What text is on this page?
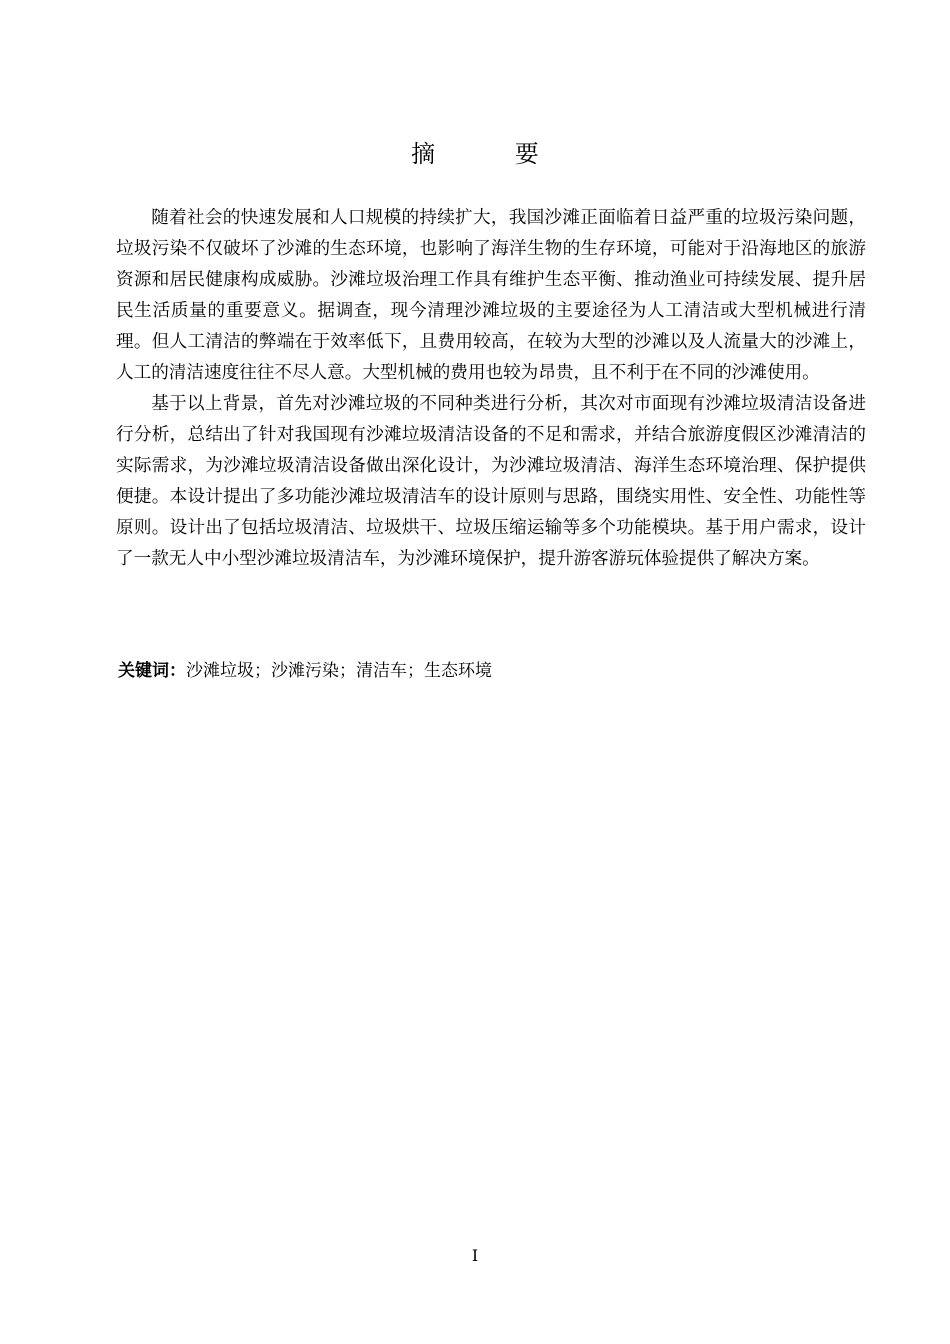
摘 要

随着社会的快速发展和人口规模的持续扩大，我国沙滩正面临着日益严重的垃圾污染问题，垃圾污染不仅破坏了沙滩的生态环境，也影响了海洋生物的生存环境，可能对于沿海地区的旅游资源和居民健康构成威胁。沙滩垃圾治理工作具有维护生态平衡、推动渔业可持续发展、提升居民生活质量的重要意义。据调查，现今清理沙滩垃圾的主要途径为人工清洁或大型机械进行清理。但人工清洁的弊端在于效率低下，且费用较高，在较为大型的沙滩以及人流量大的沙滩上，人工的清洁速度往往不尽人意。大型机械的费用也较为昂贵，且不利于在不同的沙滩使用。

基于以上背景，首先对沙滩垃圾的不同种类进行分析，其次对市面现有沙滩垃圾清洁设备进行分析，总结出了针对我国现有沙滩垃圾清洁设备的不足和需求，并结合旅游度假区沙滩清洁的实际需求，为沙滩垃圾清洁设备做出深化设计，为沙滩垃圾清洁、海洋生态环境治理、保护提供便捷。本设计提出了多功能沙滩垃圾清洁车的设计原则与思路，围绕实用性、安全性、功能性等原则。设计出了包括垃圾清洁、垃圾烘干、垃圾压缩运输等多个功能模块。基于用户需求，设计了一款无人中小型沙滩垃圾清洁车，为沙滩环境保护，提升游客游玩体验提供了解决方案。

关键词：沙滩垃圾；沙滩污染；清洁车；生态环境
I
